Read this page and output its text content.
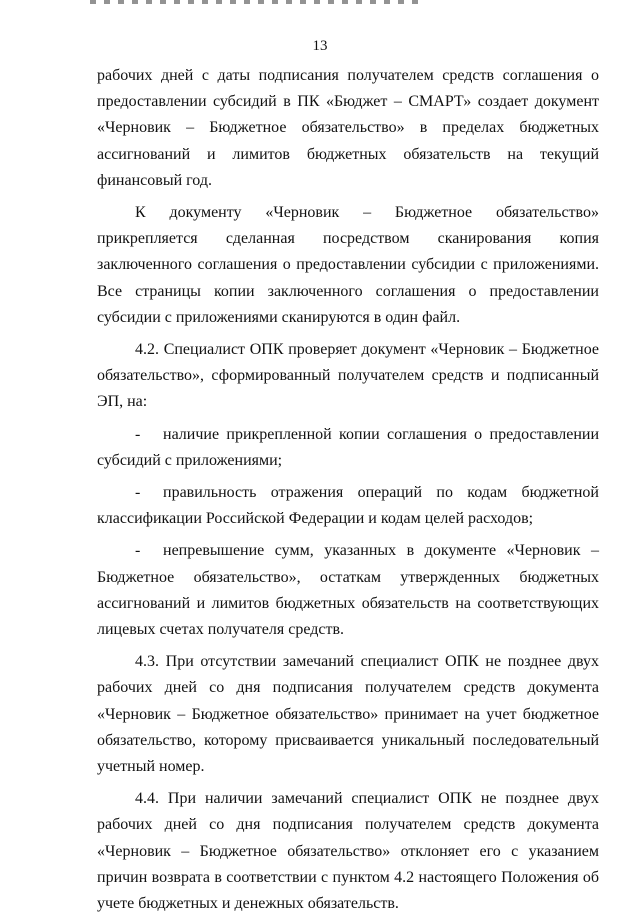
13

рабочих дней с даты подписания получателем средств соглашения о предоставлении субсидий в ПК «Бюджет – СМАРТ» создает документ «Черновик – Бюджетное обязательство» в пределах бюджетных ассигнований и лимитов бюджетных обязательств на текущий финансовый год.

К документу «Черновик – Бюджетное обязательство» прикрепляется сделанная посредством сканирования копия заключенного соглашения о предоставлении субсидии с приложениями. Все страницы копии заключенного соглашения о предоставлении субсидии с приложениями сканируются в один файл.

4.2. Специалист ОПК проверяет документ «Черновик – Бюджетное обязательство», сформированный получателем средств и подписанный ЭП, на:

- наличие прикрепленной копии соглашения о предоставлении субсидий с приложениями;

- правильность отражения операций по кодам бюджетной классификации Российской Федерации и кодам целей расходов;

- непревышение сумм, указанных в документе «Черновик – Бюджетное обязательство», остаткам утвержденных бюджетных ассигнований и лимитов бюджетных обязательств на соответствующих лицевых счетах получателя средств.

4.3. При отсутствии замечаний специалист ОПК не позднее двух рабочих дней со дня подписания получателем средств документа «Черновик – Бюджетное обязательство» принимает на учет бюджетное обязательство, которому присваивается уникальный последовательный учетный номер.

4.4. При наличии замечаний специалист ОПК не позднее двух рабочих дней со дня подписания получателем средств документа «Черновик – Бюджетное обязательство» отклоняет его с указанием причин возврата в соответствии с пунктом 4.2 настоящего Положения об учете бюджетных и денежных обязательств.
